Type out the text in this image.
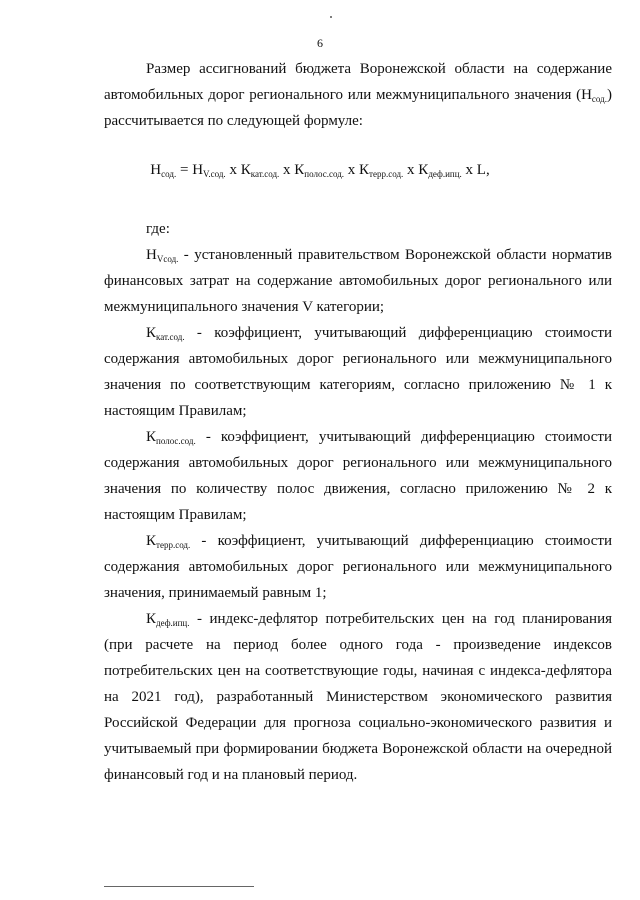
6
Размер ассигнований бюджета Воронежской области на содержание автомобильных дорог регионального или межмуниципального значения $(Н_{сод.})$ рассчитывается по следующей формуле:
$Н_{сод.} = Н_{V.сод.}$ х $К_{кат.сод.}$ х $К_{полос.сод.}$ х $К_{терр.сод.}$ х $К_{деф.ипц.}$ х L,
где:

$Н_{Vсод.}$ - установленный правительством Воронежской области норматив финансовых затрат на содержание автомобильных дорог регионального или межмуниципального значения V категории;

$К_{кат.сод.}$ - коэффициент, учитывающий дифференциацию стоимости содержания автомобильных дорог регионального или межмуниципального значения по соответствующим категориям, согласно приложению № 1 к настоящим Правилам;

$К_{полос.сод.}$ - коэффициент, учитывающий дифференциацию стоимости содержания автомобильных дорог регионального или межмуниципального значения по количеству полос движения, согласно приложению № 2 к настоящим Правилам;

$К_{терр.сод.}$ - коэффициент, учитывающий дифференциацию стоимости содержания автомобильных дорог регионального или межмуниципального значения, принимаемый равным 1;

$К_{деф.ипц.}$ - индекс-дефлятор потребительских цен на год планирования (при расчете на период более одного года - произведение индексов потребительских цен на соответствующие годы, начиная с индекса-дефлятора на 2021 год), разработанный Министерством экономического развития Российской Федерации для прогноза социально-экономического развития и учитываемый при формировании бюджета Воронежской области на очередной финансовый год и на плановый период.
